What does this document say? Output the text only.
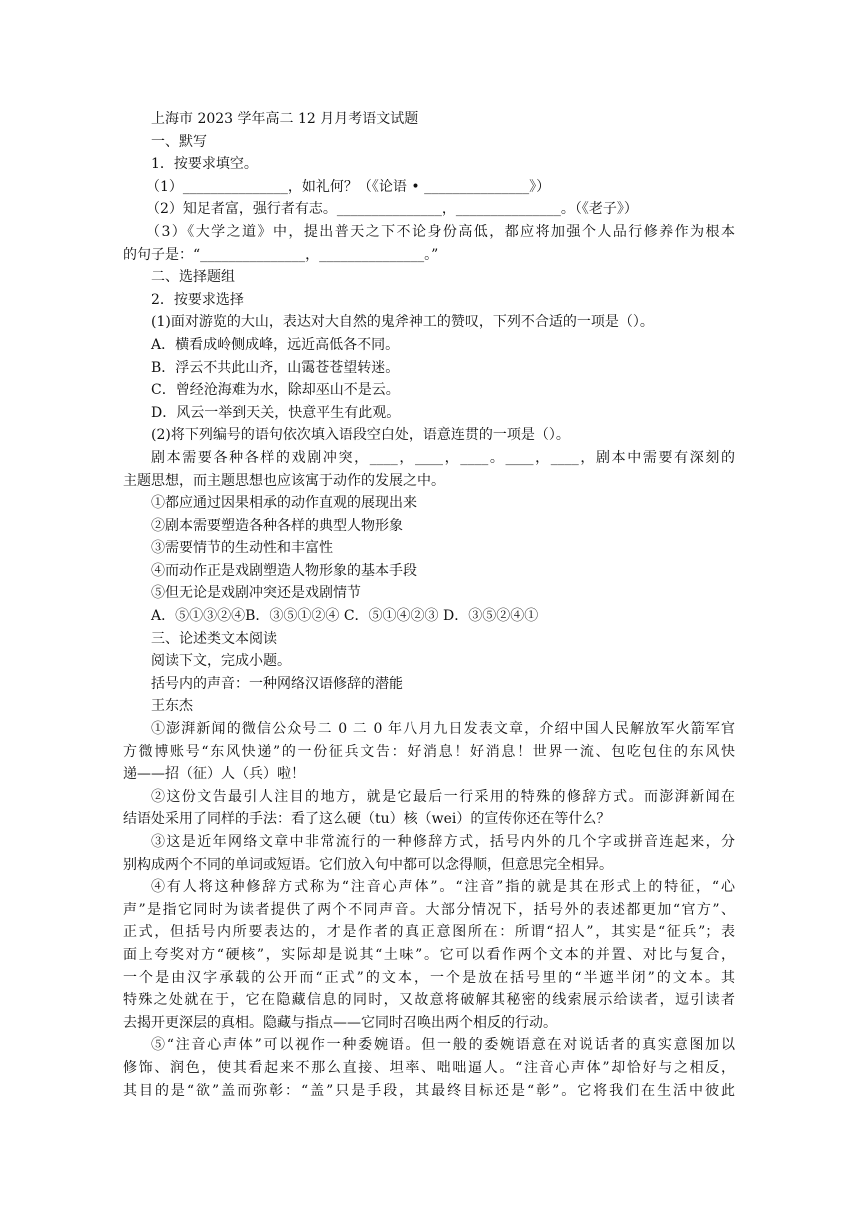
上海市 2023 学年高二 12 月月考语文试题
一、默写
1．按要求填空。
（1）_______________，如礼何？（《论语 • _______________》）
（2）知足者富，强行者有志。_______________，_______________。（《老子》）
（3）《大学之道》中，提出普天之下不论身份高低，都应将加强个人品行修养作为根本
的句子是：“_______________，_______________。”
二、选择题组
2．按要求选择
(1)面对游览的大山，表达对大自然的鬼斧神工的赞叹，下列不合适的一项是（）。
A．横看成岭侧成峰，远近高低各不同。
B．浮云不共此山齐，山霭苍苍望转迷。
C．曾经沧海难为水，除却巫山不是云。
D．风云一举到天关，快意平生有此观。
(2)将下列编号的语句依次填入语段空白处，语意连贯的一项是（）。
剧本需要各种各样的戏剧冲突，____，____，____。____，____，剧本中需要有深刻的
主题思想，而主题思想也应该寓于动作的发展之中。
①都应通过因果相承的动作直观的展现出来
②剧本需要塑造各种各样的典型人物形象
③需要情节的生动性和丰富性
④而动作正是戏剧塑造人物形象的基本手段
⑤但无论是戏剧冲突还是戏剧情节
A．⑤①③②④B．③⑤①②④ C．⑤①④②③ D．③⑤②④①
三、论述类文本阅读
阅读下文，完成小题。
括号内的声音：一种网络汉语修辞的潜能
王东杰
①澎湃新闻的微信公众号二 0 二 0 年八月九日发表文章，介绍中国人民解放军火箭军官
方微博账号“东风快递”的一份征兵文告：好消息！好消息！世界一流、包吃包住的东风快
递——招（征）人（兵）啦！
②这份文告最引人注目的地方，就是它最后一行采用的特殊的修辞方式。而澎湃新闻在
结语处采用了同样的手法：看了这么硬（tu）核（wei）的宣传你还在等什么？
③这是近年网络文章中非常流行的一种修辞方式，括号内外的几个字或拼音连起来，分
别构成两个不同的单词或短语。它们放入句中都可以念得顺，但意思完全相异。
④有人将这种修辞方式称为“注音心声体”。“注音”指的就是其在形式上的特征，“心
声”是指它同时为读者提供了两个不同声音。大部分情况下，括号外的表述都更加“官方”、
正式，但括号内所要表达的，才是作者的真正意图所在：所谓“招人”，其实是“征兵”；表
面上夸奖对方“硬核”，实际却是说其“土味”。它可以看作两个文本的并置、对比与复合，
一个是由汉字承载的公开而“正式”的文本，一个是放在括号里的“半遮半闭”的文本。其
特殊之处就在于，它在隐藏信息的同时，又故意将破解其秘密的线索展示给读者，逗引读者
去揭开更深层的真相。隐藏与指点——它同时召唤出两个相反的行动。
⑤“注音心声体”可以视作一种委婉语。但一般的委婉语意在对说话者的真实意图加以
修饰、润色，使其看起来不那么直接、坦率、咄咄逼人。“注音心声体”却恰好与之相反，
其目的是“欲”盖而弥彰：“盖”只是手段，其最终目标还是“彰”。它将我们在生活中彼此
